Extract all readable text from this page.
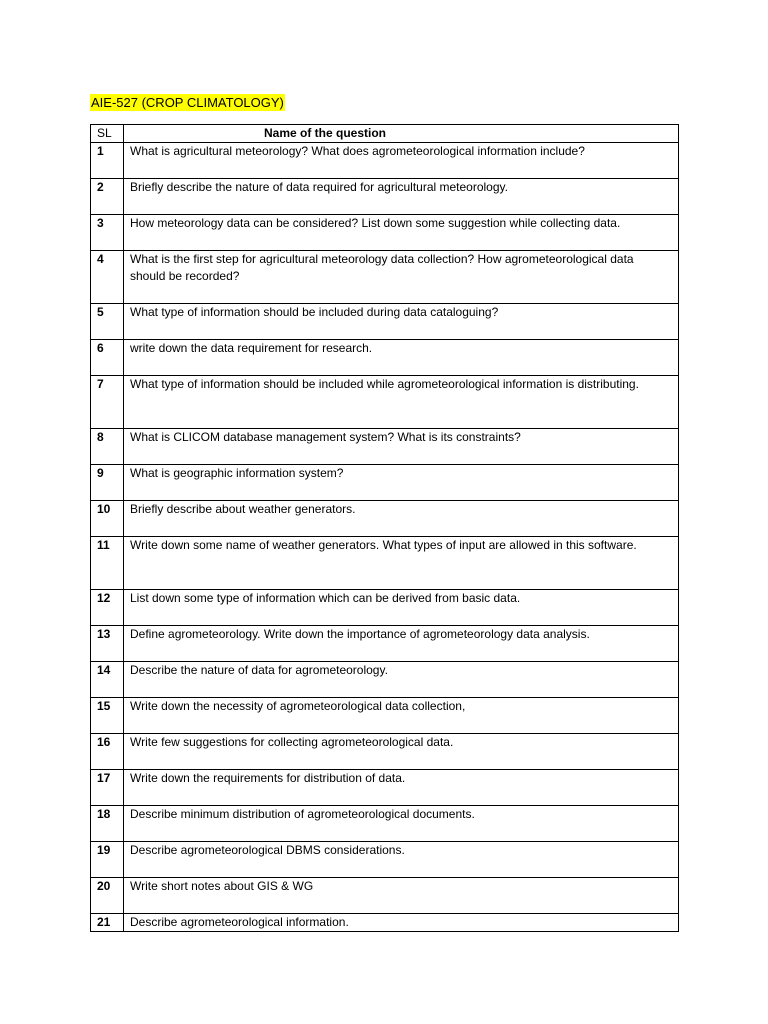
AIE-527 (CROP CLIMATOLOGY)
SL	Name of the question
1	What is agricultural meteorology? What does agrometeorological information include?
2	Briefly describe the nature of data required for agricultural meteorology.
3	How meteorology data can be considered? List down some suggestion while collecting data.
4	What is the first step for agricultural meteorology data collection? How agrometeorological data should be recorded?
5	What type of information should be included during data cataloguing?
6	write down the data requirement for research.
7	What type of information should be included while agrometeorological information is distributing.
8	What is CLICOM database management system? What is its constraints?
9	What is geographic information system?
10	Briefly describe about weather generators.
11	Write down some name of weather generators. What types of input are allowed in this software.
12	List down some type of information which can be derived from basic data.
13	Define agrometeorology. Write down the importance of agrometeorology data analysis.
14	Describe the nature of data for agrometeorology.
15	Write down the necessity of agrometeorological data collection,
16	Write few suggestions for collecting agrometeorological data.
17	Write down the requirements for distribution of data.
18	Describe minimum distribution of agrometeorological documents.
19	Describe agrometeorological DBMS considerations.
20	Write short notes about GIS & WG
21	Describe agrometeorological information.
